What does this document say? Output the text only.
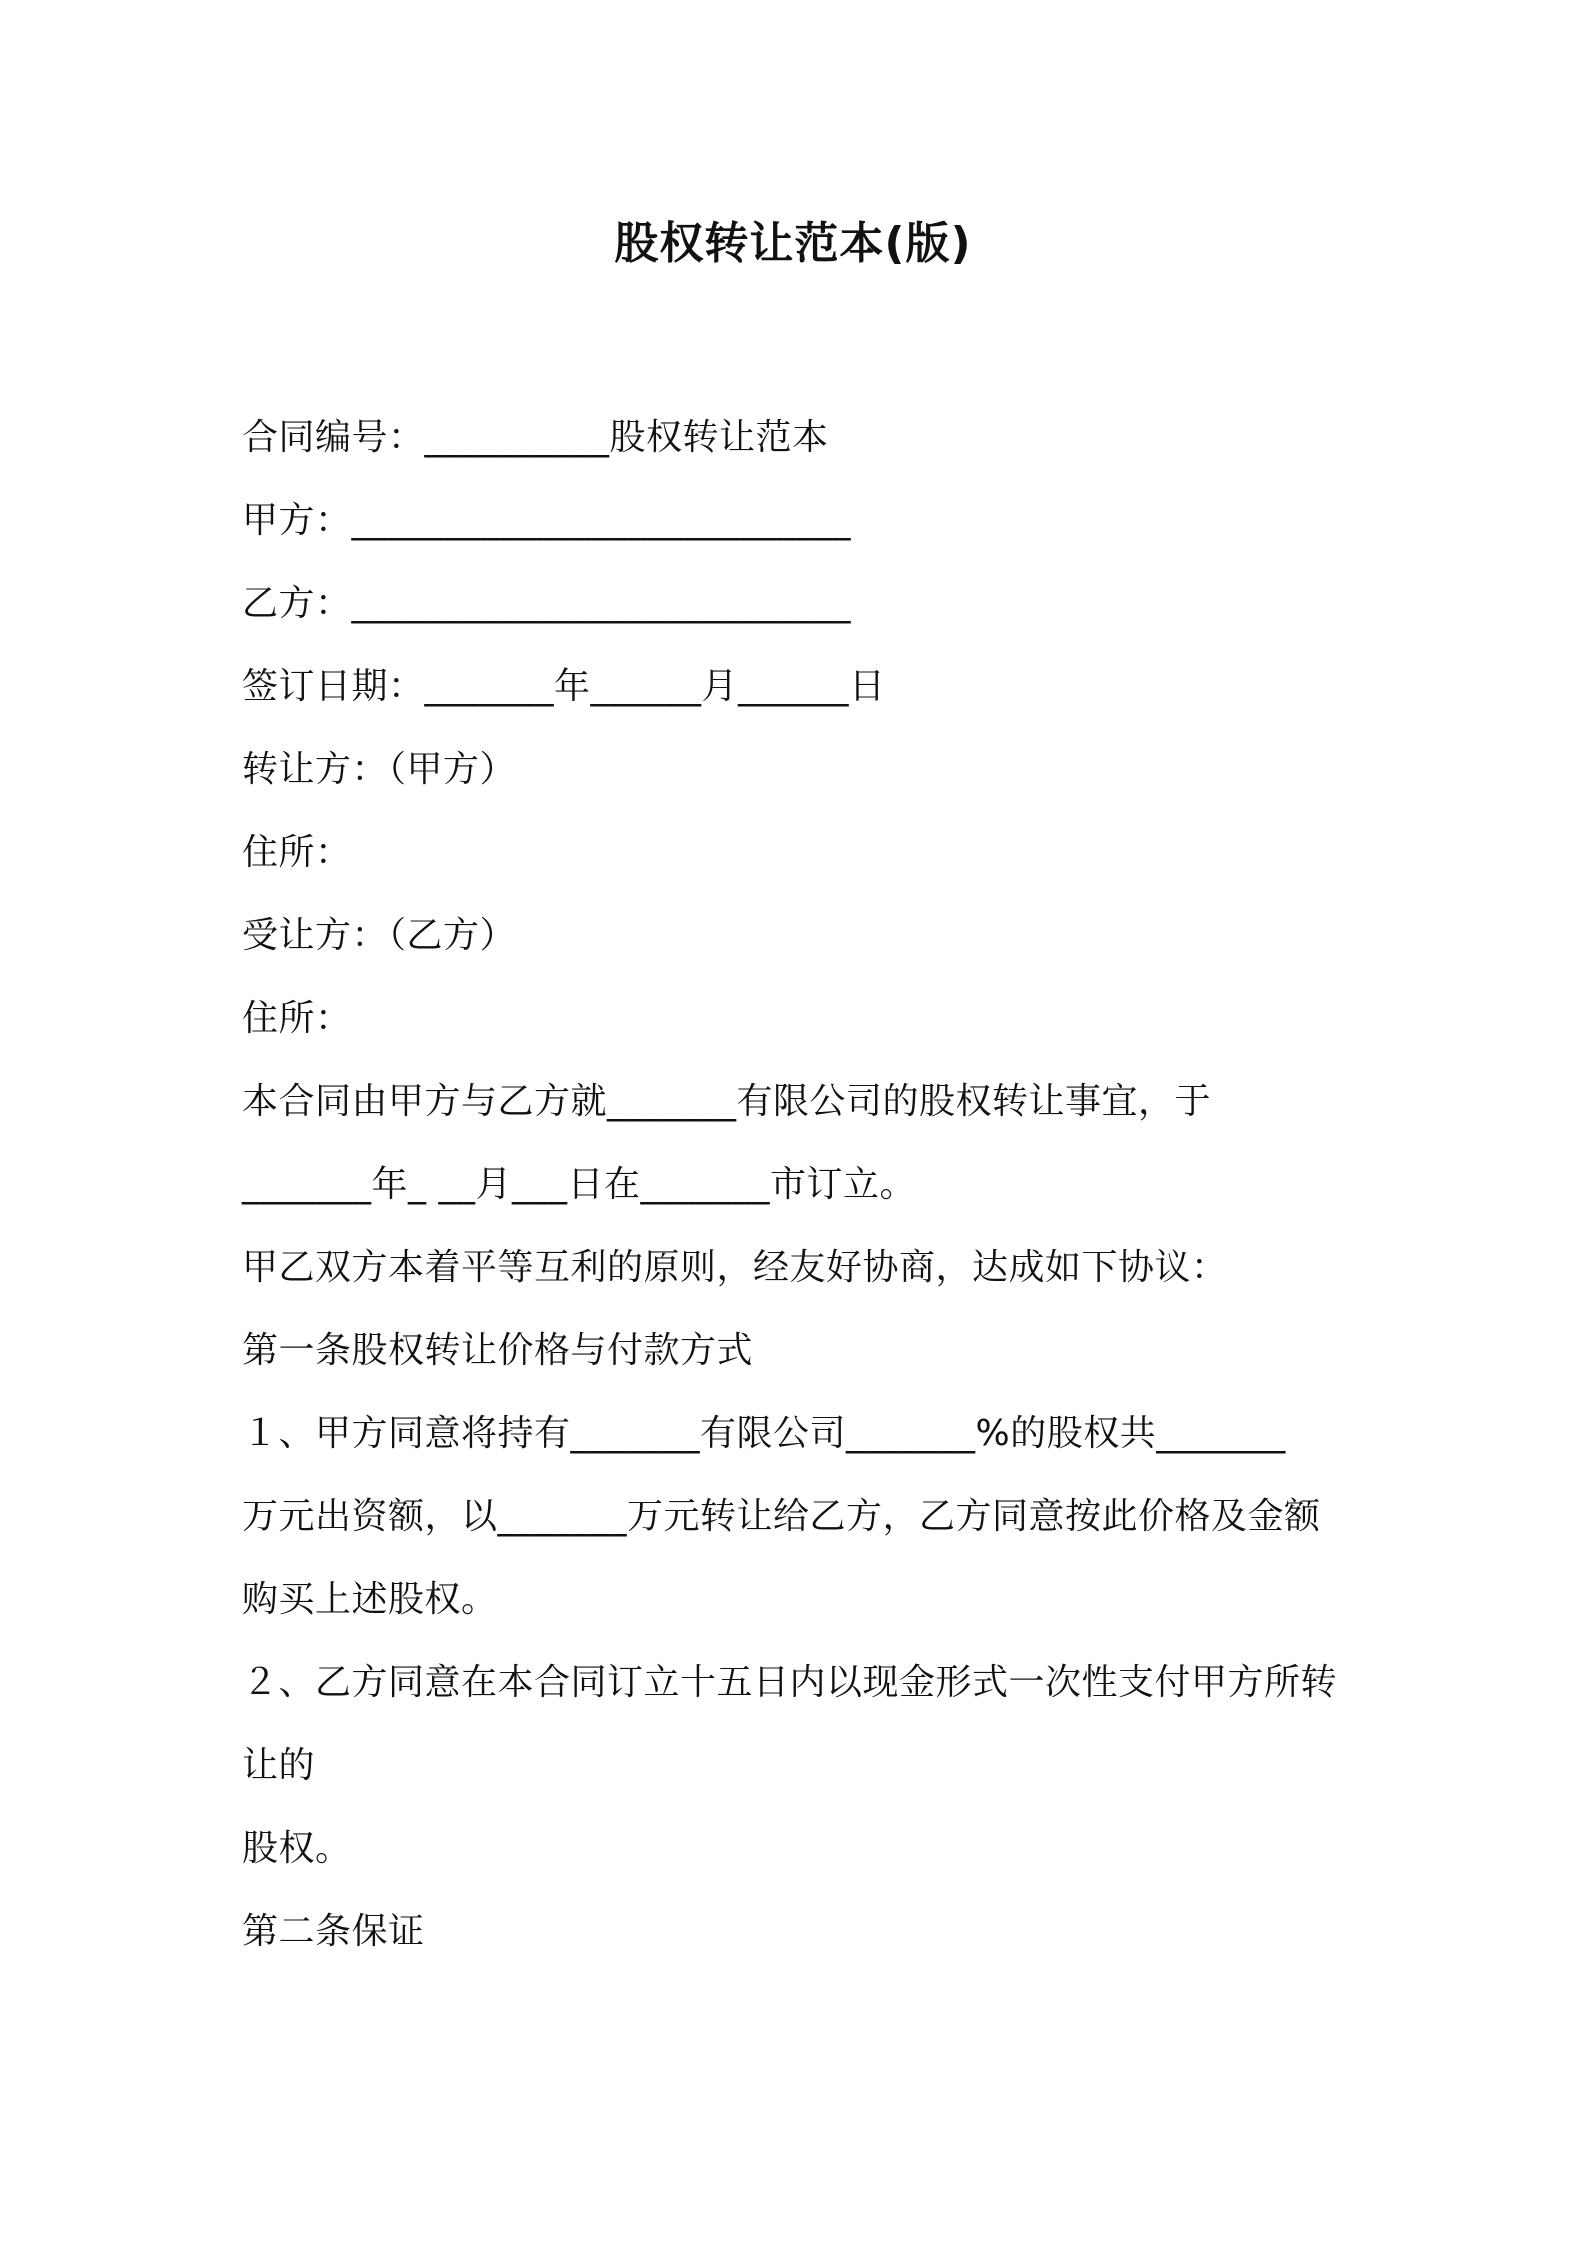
股权转让范本(版)
合同编号：__________股权转让范本
甲方：___________________________
乙方：___________________________
签订日期：_______年______月______日
转让方：（甲方）
住所：
受让方：（乙方）
住所：
本合同由甲方与乙方就_______有限公司的股权转让事宜，于
_______年_ __月___日在_______市订立。
甲乙双方本着平等互利的原则，经友好协商，达成如下协议：
第一条股权转让价格与付款方式
１、甲方同意将持有_______有限公司_______%的股权共_______
万元出资额，以_______万元转让给乙方，乙方同意按此价格及金额
购买上述股权。
２、乙方同意在本合同订立十五日内以现金形式一次性支付甲方所转
让的
股权。
第二条保证
